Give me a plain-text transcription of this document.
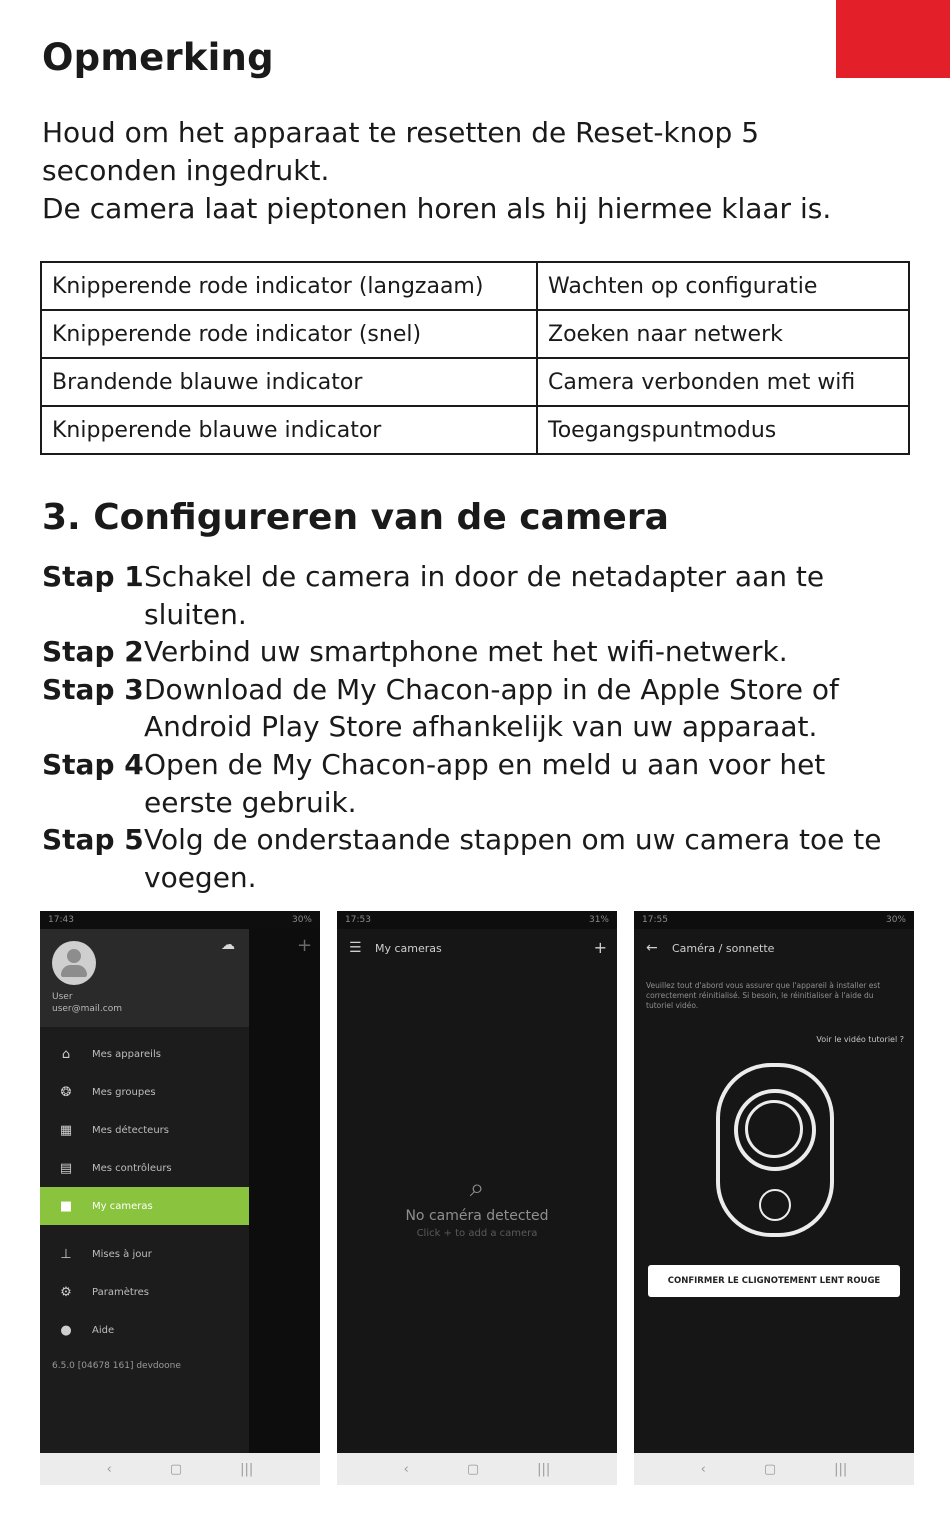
Opmerking

Houd om het apparaat te resetten de Reset-knop 5

seconden ingedrukt.

De camera laat pieptonen horen als hij hiermee klaar is.

Knipperende rode indicator (langzaam)	Wachten op configuratie
Knipperende rode indicator (snel)	Zoeken naar netwerk
Brandende blauwe indicator	Camera verbonden met wifi
Knipperende blauwe indicator	Toegangspuntmodus
3. Configureren van de camera
Stap 1 Schakel de camera in door de netadapter aan te sluiten.
Stap 2 Verbind uw smartphone met het wifi-netwerk.
Stap 3 Download de My Chacon-app in de Apple Store of Android Play Store afhankelijk van uw apparaat.
Stap 4 Open de My Chacon-app en meld u aan voor het eerste gebruik.
Stap 5 Volg de onderstaande stappen om uw camera toe te voegen.
17:43	30%
+
☁
User
user@mail.com
⌂	Mes appareils
❂	Mes groupes
▦	Mes détecteurs
▤	Mes contrôleurs
■	My cameras
⊥	Mises à jour
⚙	Paramètres
●	Aide
6.5.0 [04678 161] devdoone
‹	▢	|||
17:53	31%
☰	My cameras	+
⌕
No caméra detected
Click + to add a camera
‹	▢	|||
17:55	30%
←	Caméra / sonnette
Veuillez tout d'abord vous assurer que l'appareil à installer est correctement réinitialisé. Si besoin, le réinitialiser à l'aide du tutoriel vidéo.
Voir le vidéo tutoriel ?
CONFIRMER LE CLIGNOTEMENT LENT ROUGE
‹	▢	|||
